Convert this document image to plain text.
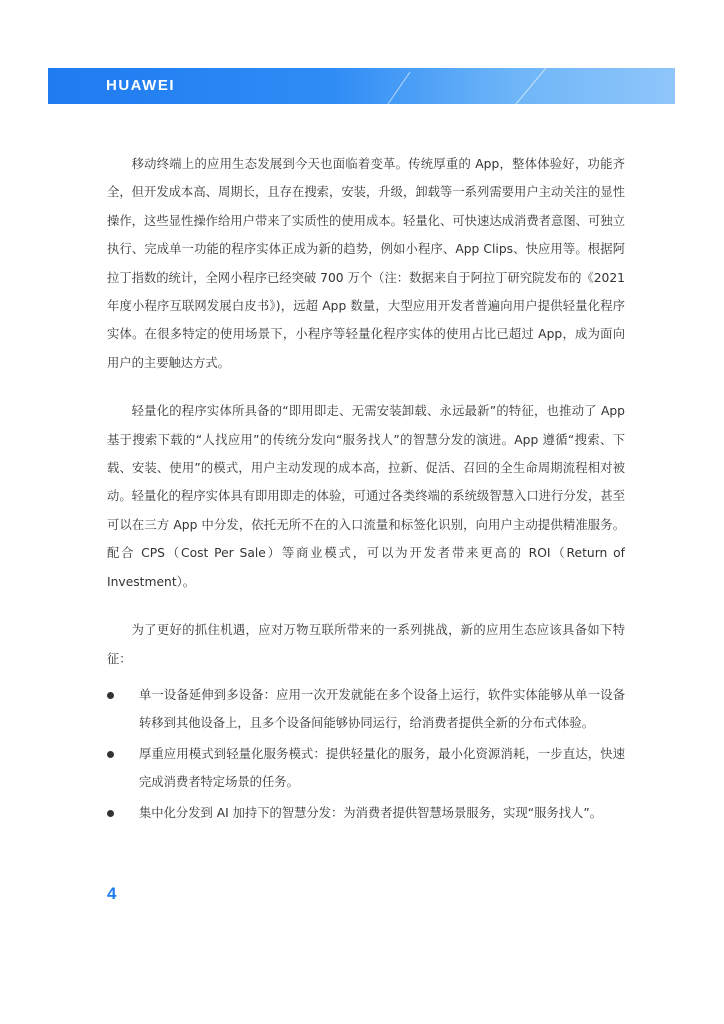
HUAWEI

移动终端上的应用生态发展到今天也面临着变革。传统厚重的 App，整体体验好，功能齐全，但开发成本高、周期长，且存在搜索，安装，升级，卸载等一系列需要用户主动关注的显性操作，这些显性操作给用户带来了实质性的使用成本。轻量化、可快速达成消费者意图、可独立执行、完成单一功能的程序实体正成为新的趋势，例如小程序、App Clips、快应用等。根据阿拉丁指数的统计，全网小程序已经突破 700 万个（注：数据来自于阿拉丁研究院发布的《2021 年度小程序互联网发展白皮书》)，远超 App 数量，大型应用开发者普遍向用户提供轻量化程序实体。在很多特定的使用场景下，小程序等轻量化程序实体的使用占比已超过 App，成为面向用户的主要触达方式。

轻量化的程序实体所具备的“即用即走、无需安装卸载、永远最新”的特征，也推动了 App 基于搜索下载的“人找应用”的传统分发向“服务找人”的智慧分发的演进。App 遵循“搜索、下载、安装、使用”的模式，用户主动发现的成本高，拉新、促活、召回的全生命周期流程相对被动。轻量化的程序实体具有即用即走的体验，可通过各类终端的系统级智慧入口进行分发，甚至可以在三方 App 中分发，依托无所不在的入口流量和标签化识别，向用户主动提供精准服务。配合 CPS（Cost Per Sale）等商业模式，可以为开发者带来更高的 ROI（Return of Investment）。

为了更好的抓住机遇，应对万物互联所带来的一系列挑战，新的应用生态应该具备如下特征：

单一设备延伸到多设备：应用一次开发就能在多个设备上运行，软件实体能够从单一设备转移到其他设备上，且多个设备间能够协同运行，给消费者提供全新的分布式体验。
厚重应用模式到轻量化服务模式：提供轻量化的服务，最小化资源消耗，一步直达，快速完成消费者特定场景的任务。
集中化分发到 AI 加持下的智慧分发：为消费者提供智慧场景服务，实现“服务找人”。
4
